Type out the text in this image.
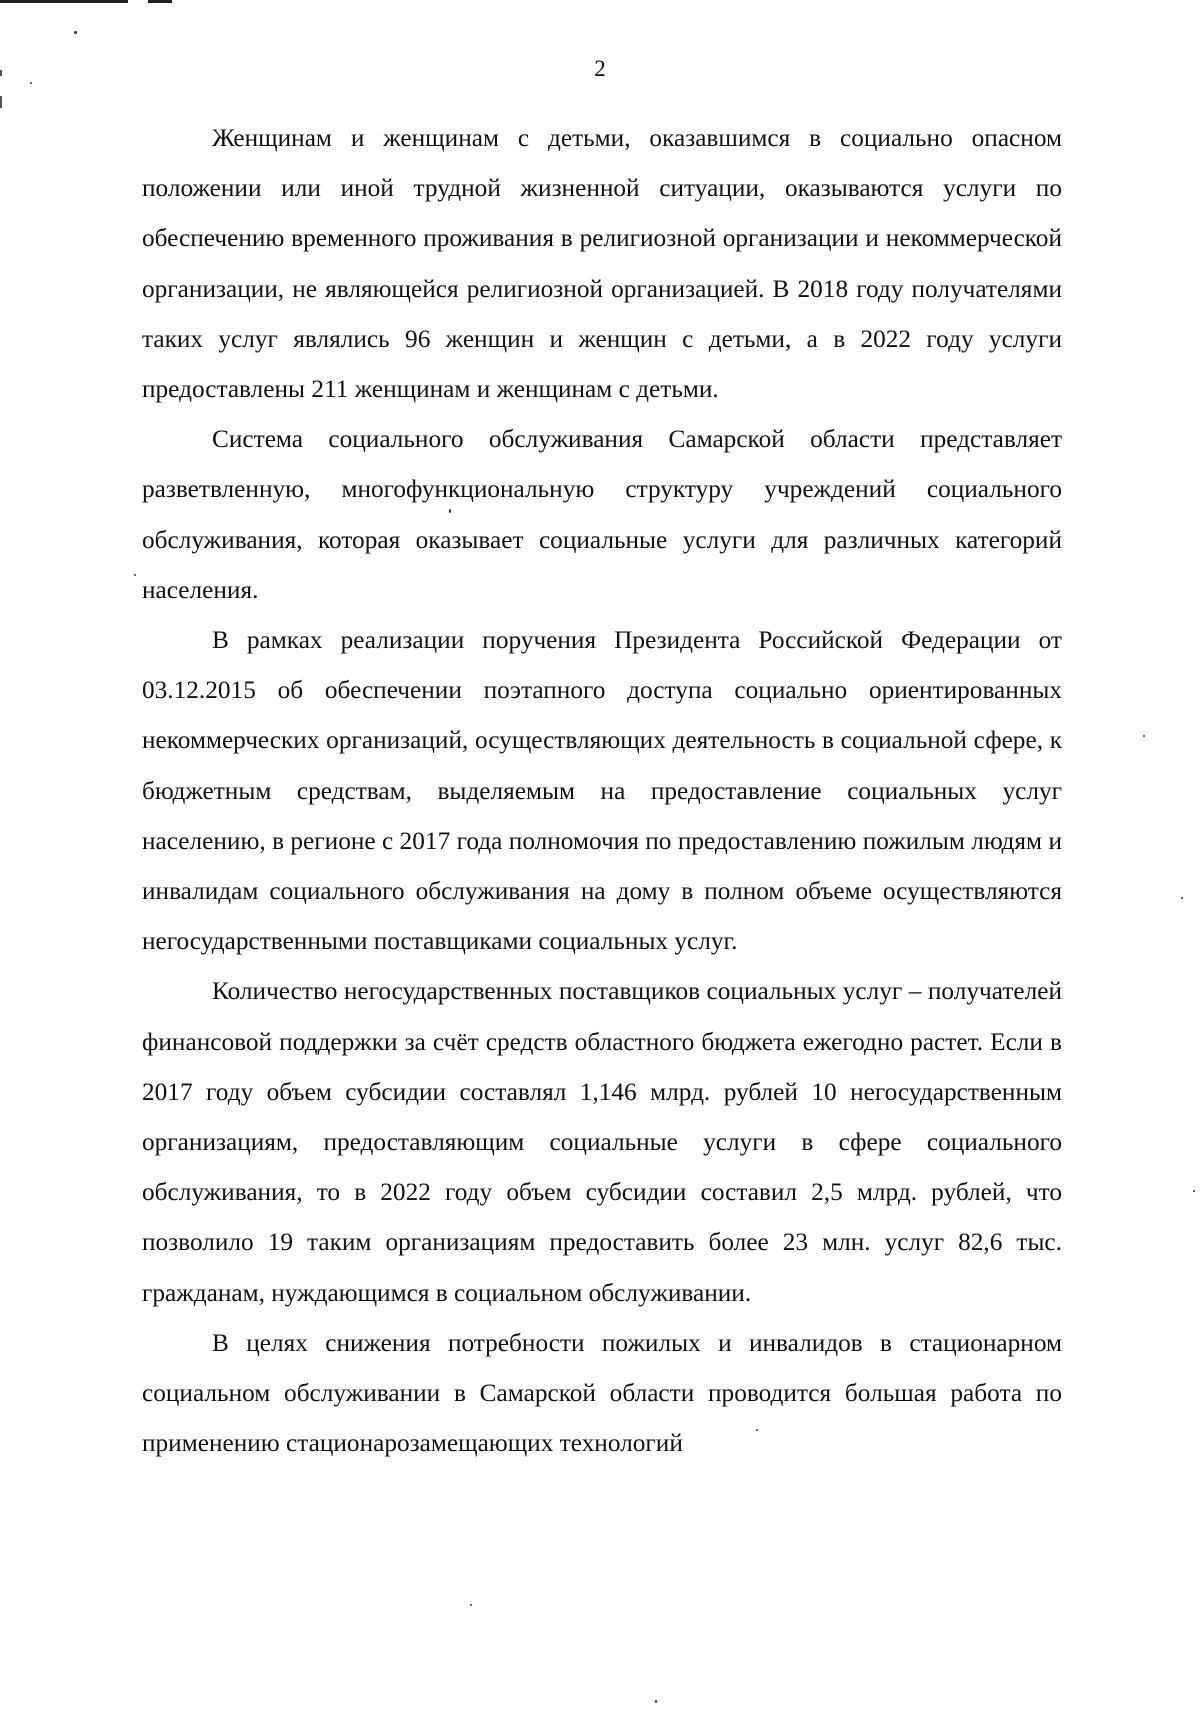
2

Женщинам и женщинам с детьми, оказавшимся в социально опасном положении или иной трудной жизненной ситуации, оказываются услуги по обеспечению временного проживания в религиозной организации и некоммерческой организации, не являющейся религиозной организацией. В 2018 году получателями таких услуг являлись 96 женщин и женщин с детьми, а в 2022 году услуги предоставлены 211 женщинам и женщинам с детьми.

Система социального обслуживания Самарской области представляет разветвленную, многофункциональную структуру учреждений социального обслуживания, которая оказывает социальные услуги для различных категорий населения.

В рамках реализации поручения Президента Российской Федерации от 03.12.2015 об обеспечении поэтапного доступа социально ориентированных некоммерческих организаций, осуществляющих деятельность в социальной сфере, к бюджетным средствам, выделяемым на предоставление социальных услуг населению, в регионе с 2017 года полномочия по предоставлению пожилым людям и инвалидам социального обслуживания на дому в полном объеме осуществляются негосударственными поставщиками социальных услуг.

Количество негосударственных поставщиков социальных услуг – получателей финансовой поддержки за счёт средств областного бюджета ежегодно растет. Если в 2017 году объем субсидии составлял 1,146 млрд. рублей 10 негосударственным организациям, предоставляющим социальные услуги в сфере социального обслуживания, то в 2022 году объем субсидии составил 2,5 млрд. рублей, что позволило 19 таким организациям предоставить более 23 млн. услуг 82,6 тыс. гражданам, нуждающимся в социальном обслуживании.

В целях снижения потребности пожилых и инвалидов в стационарном социальном обслуживании в Самарской области проводится большая работа по применению стационарозамещающих технологий
